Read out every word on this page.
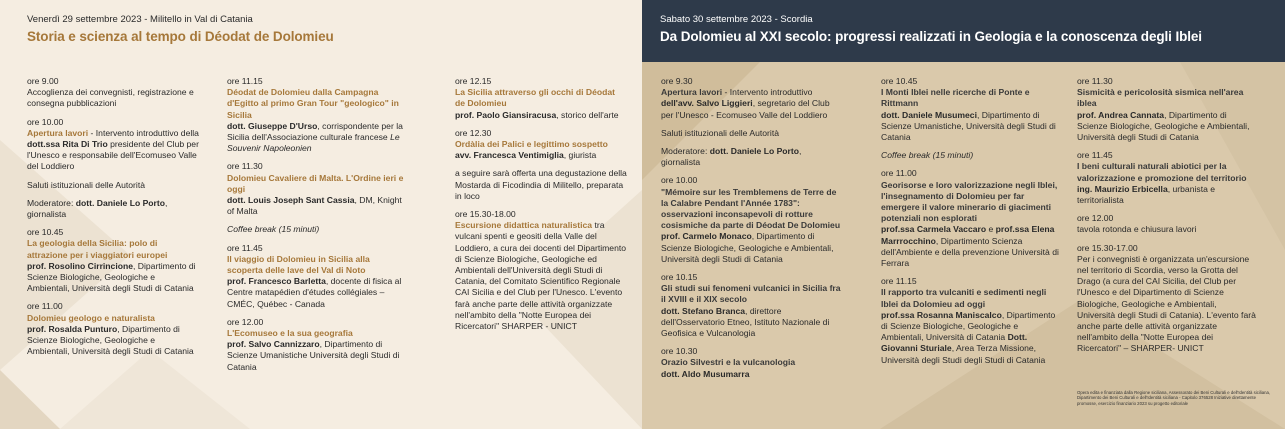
Venerdì 29 settembre 2023 - Militello in Val di Catania
Storia e scienza al tempo di Déodat de Dolomieu
Sabato 30 settembre 2023 - Scordia
Da Dolomieu al XXI secolo: progressi realizzati in Geologia e la conoscenza degli Iblei
ore 9.00
Accoglienza dei convegnisti, registrazione e consegna pubblicazioni
ore 10.00
Apertura lavori - Intervento introduttivo della dott.ssa Rita Di Trio presidente del Club per l'Unesco e responsabile dell'Ecomuseo Valle del Loddiero
Saluti istituzionali delle Autorità
Moderatore: dott. Daniele Lo Porto, giornalista
ore 10.45
La geologia della Sicilia: polo di attrazione per i viaggiatori europei
prof. Rosolino Cirrincione, Dipartimento di Scienze Biologiche, Geologiche e Ambientali, Università degli Studi di Catania
ore 11.00
Dolomieu geologo e naturalista
prof. Rosalda Punturo, Dipartimento di Scienze Biologiche, Geologiche e Ambientali, Università degli Studi di Catania
ore 11.15
Déodat de Dolomieu dalla Campagna d'Egitto al primo Gran Tour "geologico" in Sicilia
dott. Giuseppe D'Urso, corrispondente per la Sicilia dell'Associazione culturale francese Le Souvenir Napoleonien
ore 11.30
Dolomieu Cavaliere di Malta. L'Ordine ieri e oggi
dott. Louis Joseph Sant Cassia, DM, Knight of Malta
Coffee break (15 minuti)
ore 11.45
Il viaggio di Dolomieu in Sicilia alla scoperta delle lave del Val di Noto
prof. Francesco Barletta, docente di fisica al Centre matapédien d'études collégiales – CMÉC, Québec - Canada
ore 12.00
L'Ecomuseo e la sua geografia
prof. Salvo Cannizzaro, Dipartimento di Scienze Umanistiche Università degli Studi di Catania
ore 12.15
La Sicilia attraverso gli occhi di Déodat de Dolomieu
prof. Paolo Giansiracusa, storico dell'arte
ore 12.30
Ordàlia dei Palici e legittimo sospetto
avv. Francesca Ventimiglia, giurista
a seguire sarà offerta una degustazione della Mostarda di Ficodindia di Militello, preparata in loco
ore 15.30-18.00
Escursione didattica naturalistica tra vulcani spenti e geositi della Valle del Loddiero, a cura dei docenti del Dipartimento di Scienze Biologiche, Geologiche ed Ambientali dell'Università degli Studi di Catania, del Comitato Scientifico Regionale CAI Sicilia e del Club per l'Unesco. L'evento farà anche parte delle attività organizzate nell'ambito della "Notte Europea dei Ricercatori" SHARPER - UNICT
ore 9.30
Apertura lavori - Intervento introduttivo dell'avv. Salvo Liggieri, segretario del Club per l'Unesco - Ecomuseo Valle del Loddiero
Saluti istituzionali delle Autorità
Moderatore: dott. Daniele Lo Porto, giornalista
ore 10.00
"Mémoire sur les Tremblemens de Terre de la Calabre Pendant l'Année 1783": osservazioni inconsapevoli di rotture cosismiche da parte di Déodat De Dolomieu
prof. Carmelo Monaco, Dipartimento di Scienze Biologiche, Geologiche e Ambientali, Università degli Studi di Catania
ore 10.15
Gli studi sui fenomeni vulcanici in Sicilia fra il XVIII e il XIX secolo
dott. Stefano Branca, direttore dell'Osservatorio Etneo, Istituto Nazionale di Geofisica e Vulcanologia
ore 10.30
Orazio Silvestri e la vulcanologia
dott. Aldo Musumarra
ore 10.45
I Monti Iblei nelle ricerche di Ponte e Rittmann
dott. Daniele Musumeci, Dipartimento di Scienze Umanistiche, Università degli Studi di Catania
Coffee break (15 minuti)
ore 11.00
Georisorse e loro valorizzazione negli Iblei, l'insegnamento di Dolomieu per far emergere il valore minerario di giacimenti potenziali non esplorati
prof.ssa Carmela Vaccaro e prof.ssa Elena Marrrocchino, Dipartimento Scienza dell'Ambiente e della prevenzione Università di Ferrara
ore 11.15
Il rapporto tra vulcaniti e sedimenti negli Iblei da Dolomieu ad oggi
prof.ssa Rosanna Maniscalco, Dipartimento di Scienze Biologiche, Geologiche e Ambientali, Università di Catania Dott. Giovanni Sturiale, Area Terza Missione, Università degli Studi degli Studi di Catania
ore 11.30
Sismicità e pericolosità sismica nell'area iblea
prof. Andrea Cannata, Dipartimento di Scienze Biologiche, Geologiche e Ambientali, Università degli Studi di Catania
ore 11.45
I beni culturali naturali abiotici per la valorizzazione e promozione del territorio
ing. Maurizio Erbicella, urbanista e territorialista
ore 12.00
tavola rotonda e chiusura lavori
ore 15.30-17.00
Per i convegnisti è organizzata un'escursione nel territorio di Scordia, verso la Grotta del Drago (a cura del CAI Sicilia, del Club per l'Unesco e del Dipartimento di Scienze Biologiche, Geologiche e Ambientali, Università degli Studi di Catania). L'evento farà anche parte delle attività organizzate nell'ambito della "Notte Europea dei Ricercatori" – SHARPER- UNICT
Opera edita e finanziata dalla Regione siciliana, Assessorato dei Beni Culturali e dell'Identità siciliana, Dipartimento dei Beni Culturali e dell'Identità siciliana - Capitolo 376528 Iniziative direttamente promosse, esercizio finanziario 2023 su progetto editoriale
